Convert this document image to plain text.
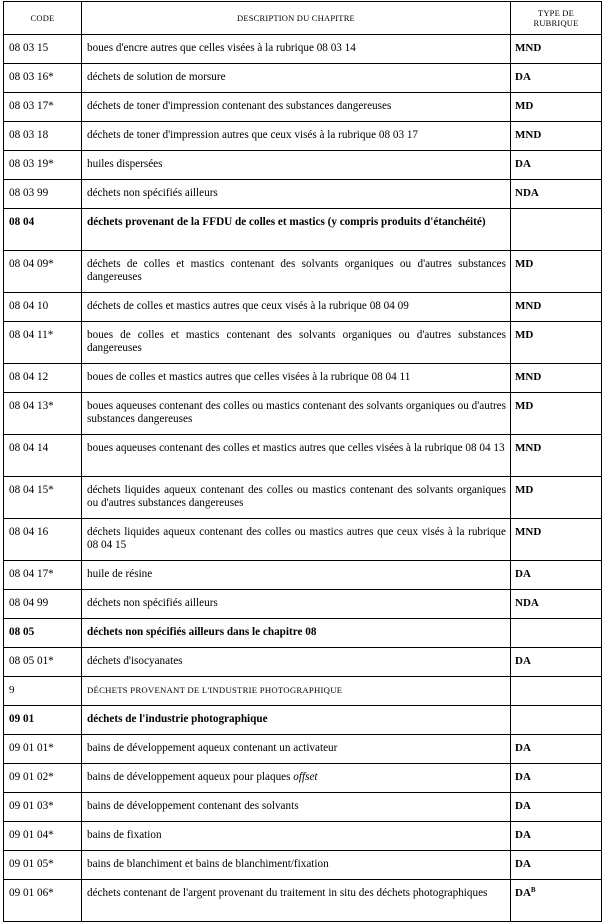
CODE	DESCRIPTION DU CHAPITRE	TYPE DE
RUBRIQUE
08 03 15	boues d'encre autres que celles visées à la rubrique 08 03 14	MND
08 03 16*	déchets de solution de morsure	DA
08 03 17*	déchets de toner d'impression contenant des substances dangereuses	MD
08 03 18	déchets de toner d'impression autres que ceux visés à la rubrique 08 03 17	MND
08 03 19*	huiles dispersées	DA
08 03 99	déchets non spécifiés ailleurs	NDA
08 04	déchets provenant de la FFDU de colles et mastics (y compris produits d'étanchéité)	
08 04 09*	déchets de colles et mastics contenant des solvants organiques ou d'autres substances dangereuses	MD
08 04 10	déchets de colles et mastics autres que ceux visés à la rubrique 08 04 09	MND
08 04 11*	boues de colles et mastics contenant des solvants organiques ou d'autres substances dangereuses	MD
08 04 12	boues de colles et mastics autres que celles visées à la rubrique 08 04 11	MND
08 04 13*	boues aqueuses contenant des colles ou mastics contenant des solvants organiques ou d'autres substances dangereuses	MD
08 04 14	boues aqueuses contenant des colles et mastics autres que celles visées à la rubrique 08 04 13	MND
08 04 15*	déchets liquides aqueux contenant des colles ou mastics contenant des solvants organiques ou d'autres substances dangereuses	MD
08 04 16	déchets liquides aqueux contenant des colles ou mastics autres que ceux visés à la rubrique 08 04 15	MND
08 04 17*	huile de résine	DA
08 04 99	déchets non spécifiés ailleurs	NDA
08 05	déchets non spécifiés ailleurs dans le chapitre 08	
08 05 01*	déchets d'isocyanates	DA
9	DÉCHETS PROVENANT DE L'INDUSTRIE PHOTOGRAPHIQUE	
09 01	déchets de l'industrie photographique	
09 01 01*	bains de développement aqueux contenant un activateur	DA
09 01 02*	bains de développement aqueux pour plaques offset	DA
09 01 03*	bains de développement contenant des solvants	DA
09 01 04*	bains de fixation	DA
09 01 05*	bains de blanchiment et bains de blanchiment/fixation	DA
09 01 06*	déchets contenant de l'argent provenant du traitement in situ des déchets photographiques	$DA^B$
